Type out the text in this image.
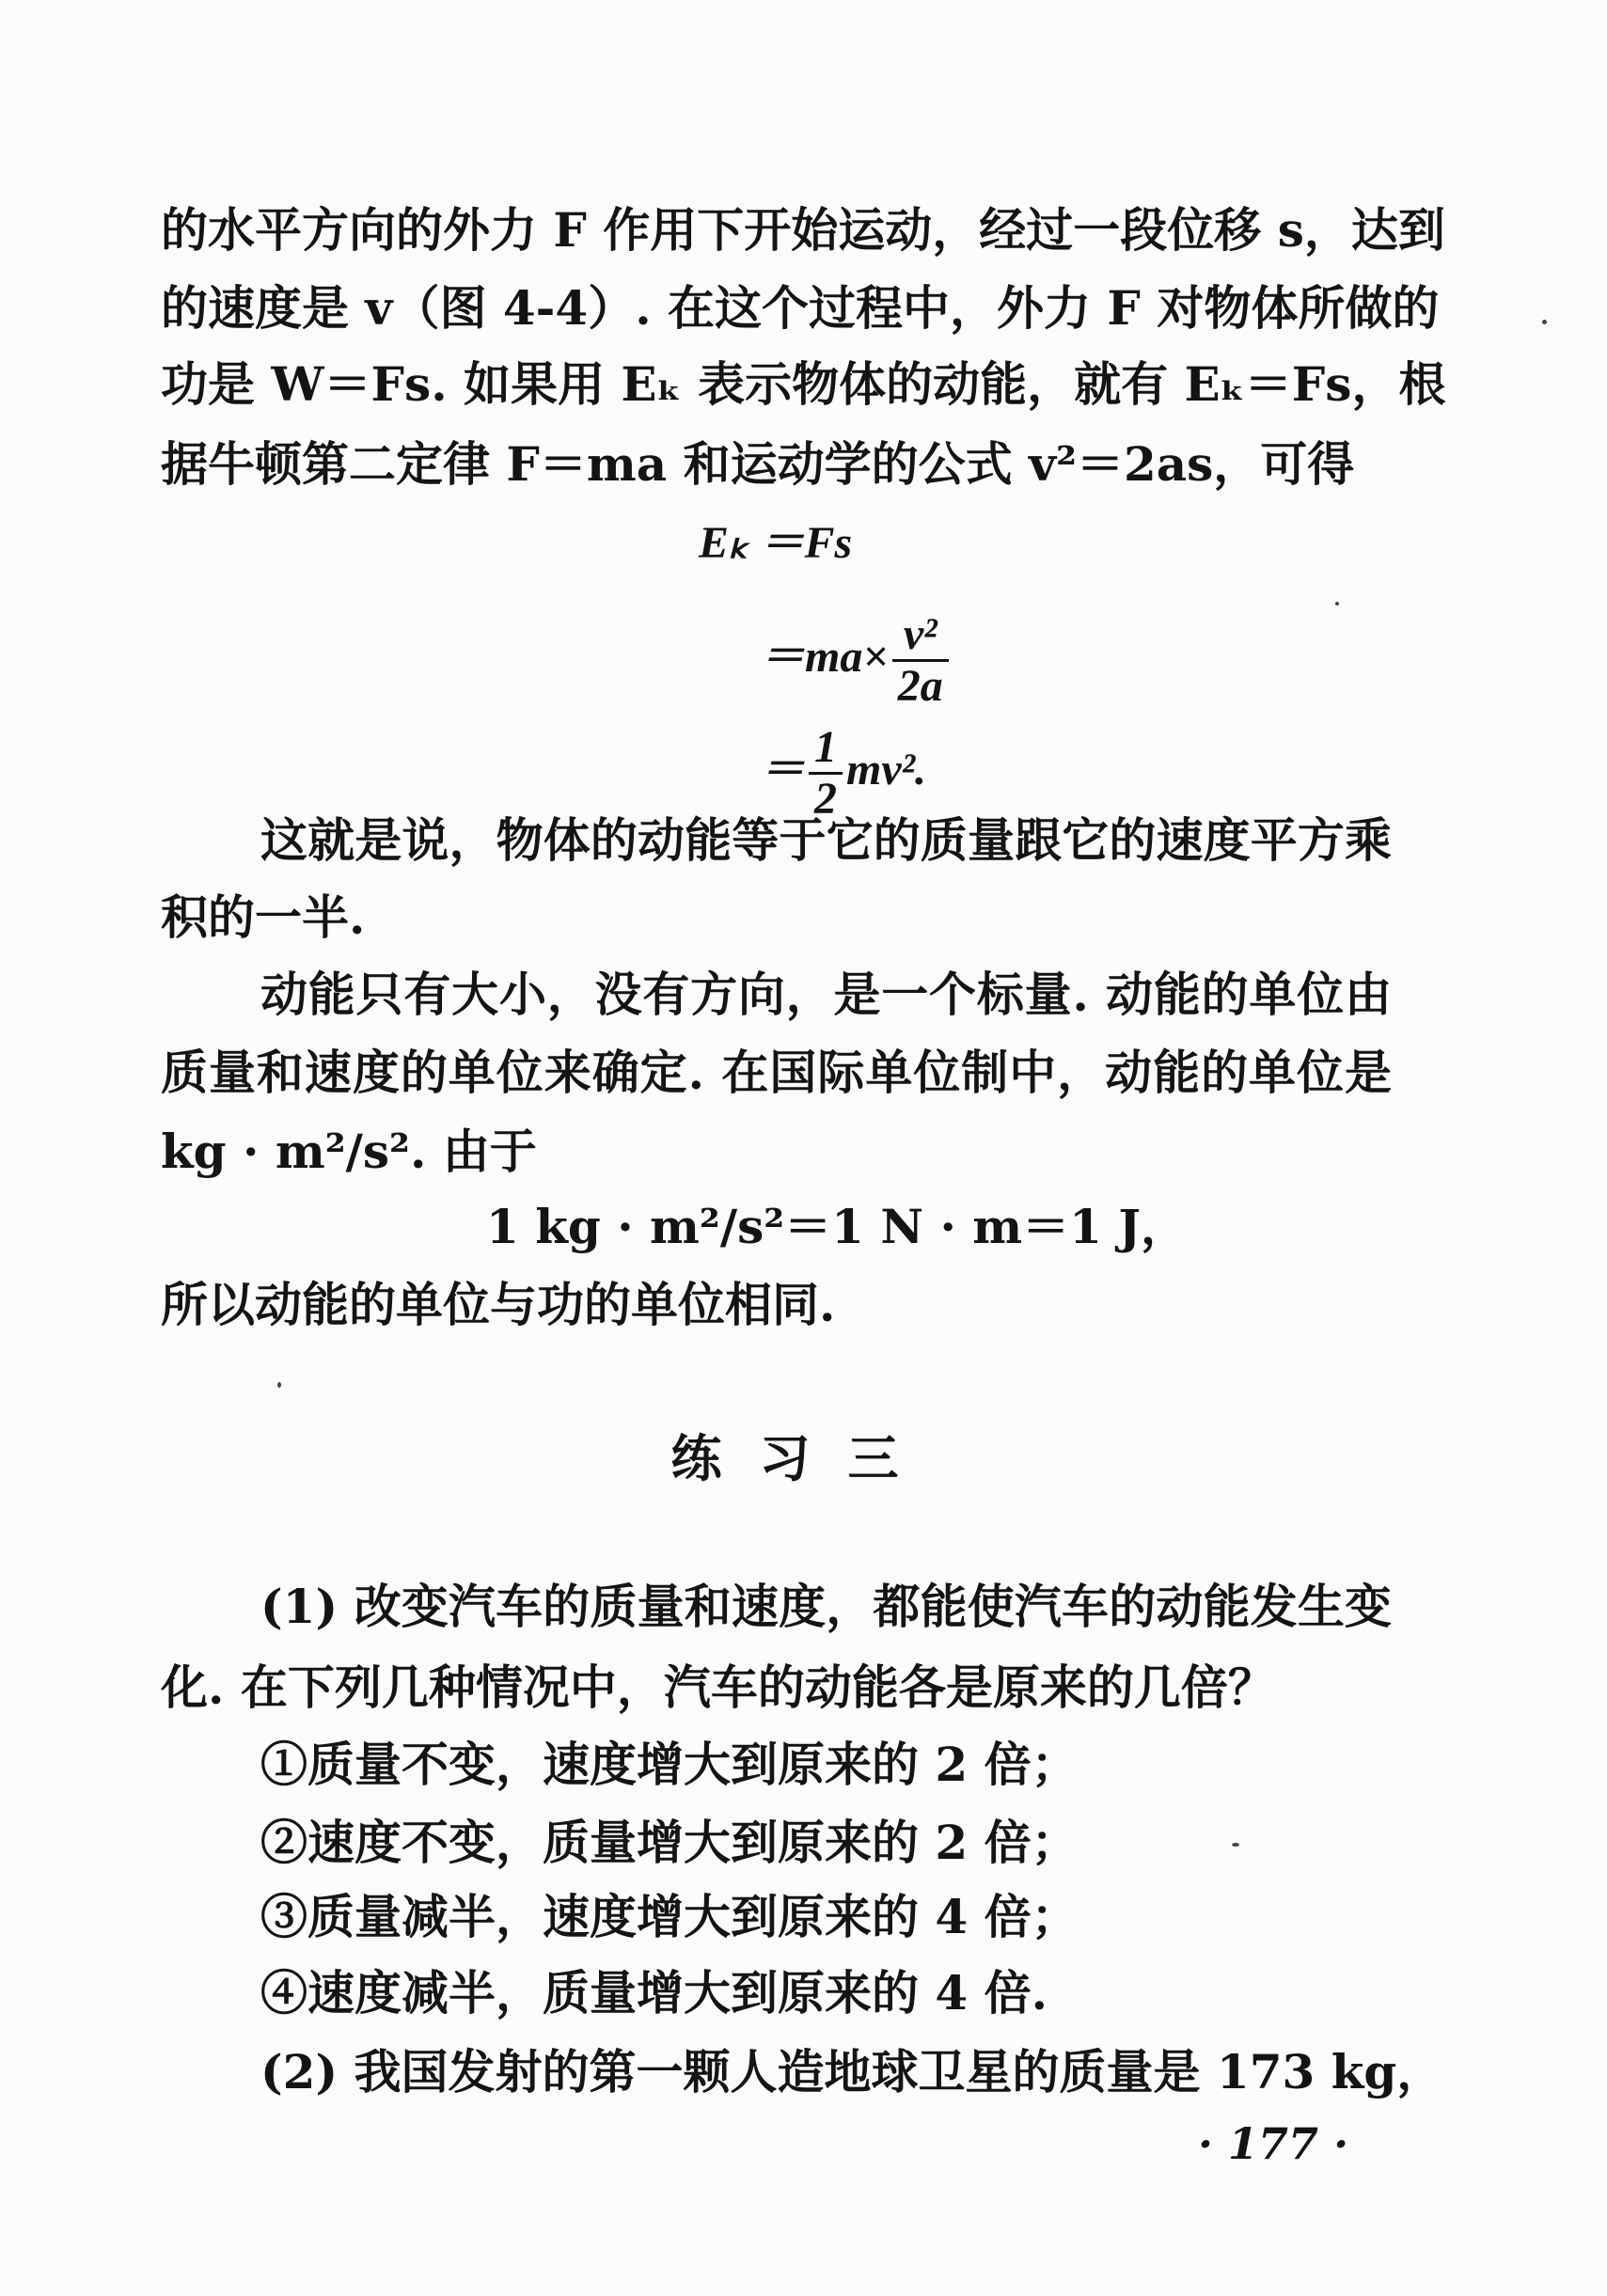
的水平方向的外力 F 作用下开始运动，经过一段位移 s，达到
的速度是 v（图 4-4）. 在这个过程中，外力 F 对物体所做的
功是 W＝Fs. 如果用 Eₖ 表示物体的动能，就有 Eₖ＝Fs，根
据牛顿第二定律 F＝ma 和运动学的公式 v²＝2as，可得
Eₖ ＝Fs
$=ma\times \frac{\text{v²}}{2a}$
＝ $\frac{1}{2} mv^2$.
这就是说，物体的动能等于它的质量跟它的速度平方乘
积的一半.
动能只有大小，没有方向，是一个标量. 动能的单位由
质量和速度的单位来确定. 在国际单位制中，动能的单位是
kg · m²/s². 由于
1 kg · m²/s²＝1 N · m＝1 J，
所以动能的单位与功的单位相同.
练习三
(1) 改变汽车的质量和速度，都能使汽车的动能发生变
化. 在下列几种情况中，汽车的动能各是原来的几倍？
①质量不变，速度增大到原来的 2 倍；
②速度不变，质量增大到原来的 2 倍；
③质量减半，速度增大到原来的 4 倍；
④速度减半，质量增大到原来的 4 倍.
(2) 我国发射的第一颗人造地球卫星的质量是 173 kg，
· 177 ·
